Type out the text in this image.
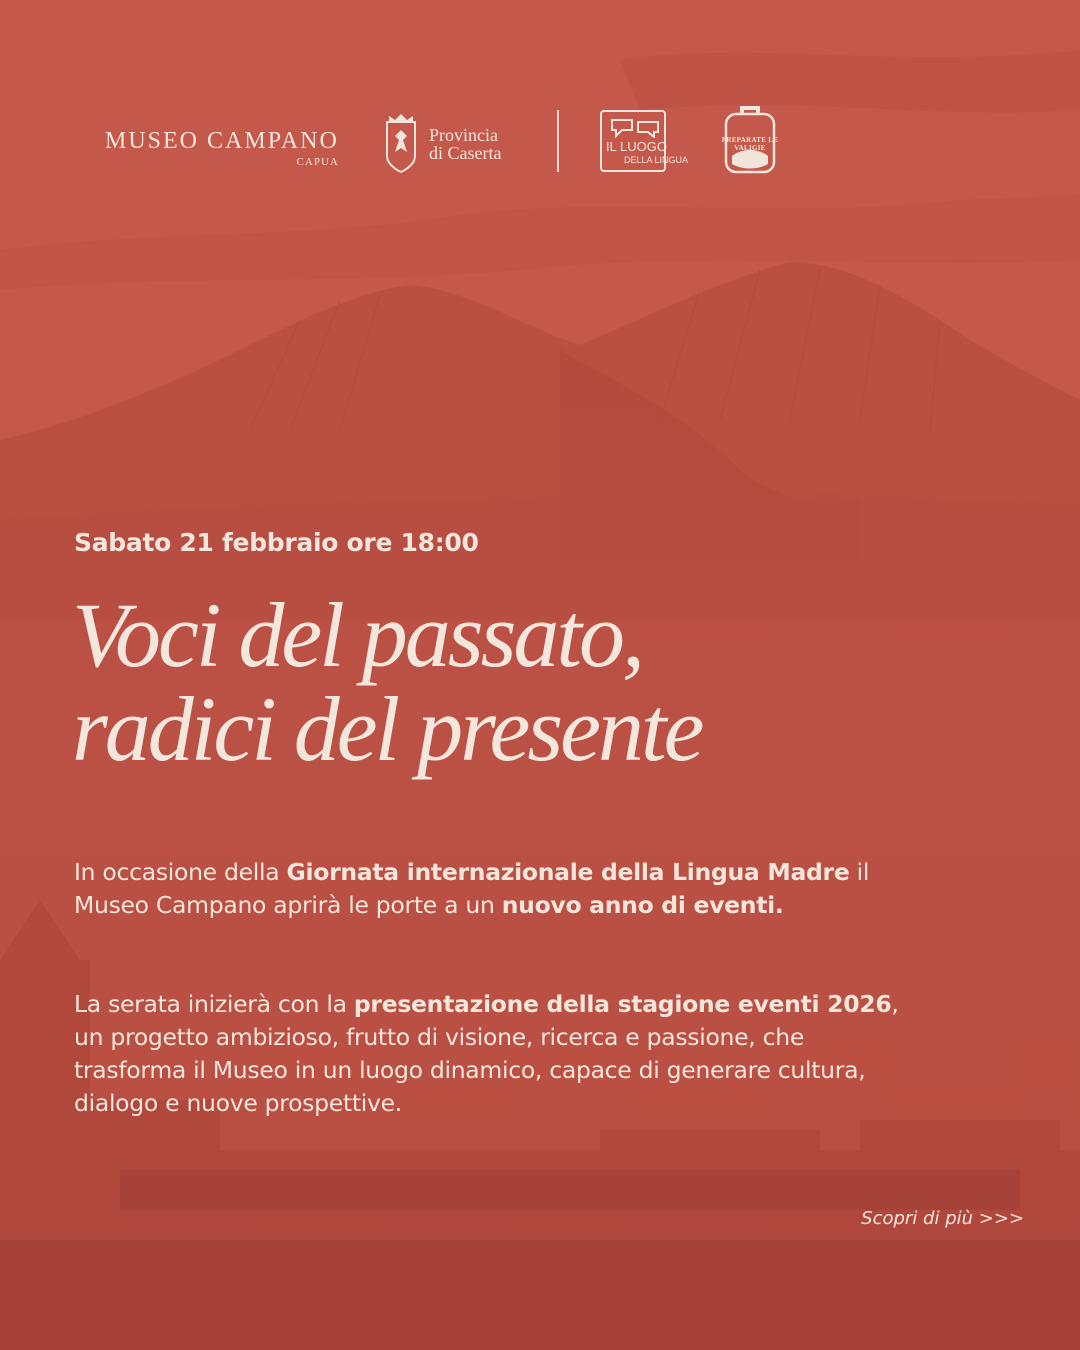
MUSEO CAMPANO
CAPUA
Provincia
di Caserta	IL LUOGO
DELLA LINGUA
PREPARATE LE VALIGIE
Sabato 21 febbraio ore 18:00
Voci del passato,
radici del presente

In occasione della Giornata internazionale della Lingua Madre il Museo Campano aprirà le porte a un nuovo anno di eventi.

La serata inizierà con la presentazione della stagione eventi 2026, un progetto ambizioso, frutto di visione, ricerca e passione, che trasforma il Museo in un luogo dinamico, capace di generare cultura, dialogo e nuove prospettive.

Scopri di più >>>
